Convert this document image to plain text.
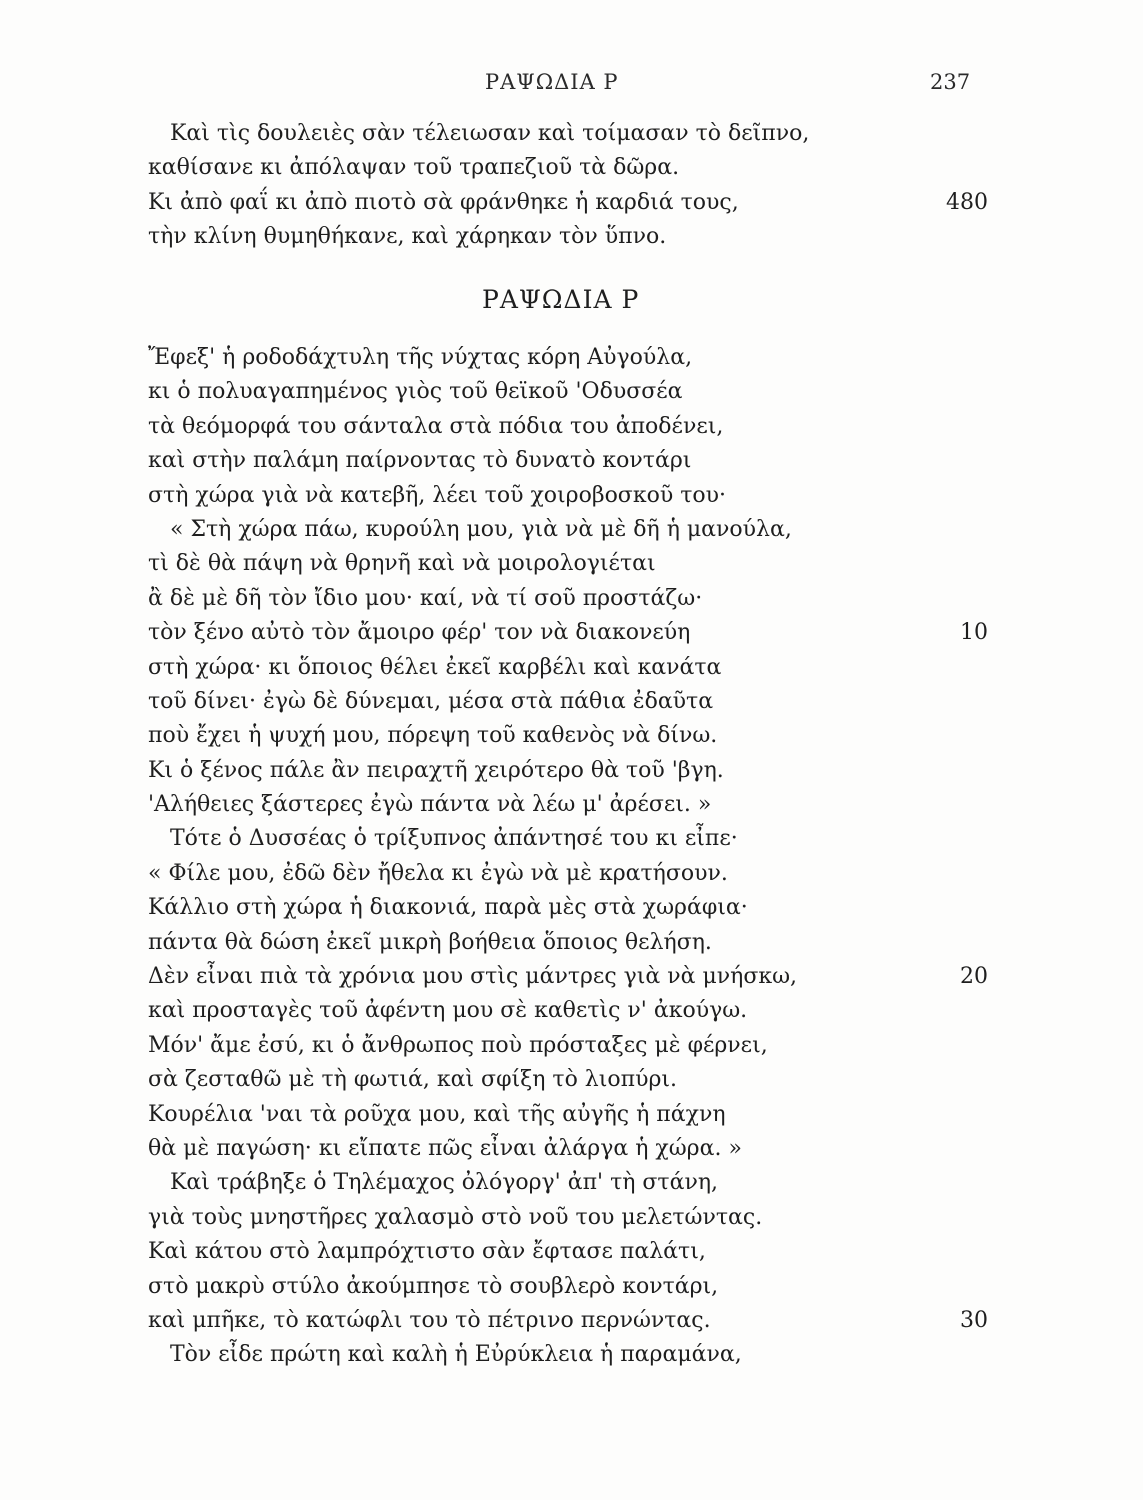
ΡΑΨΩΔΙΑ Ρ	237
Καὶ τὶς δουλειὲς σὰν τέλειωσαν καὶ τοίμασαν τὸ δεῖπνο,
καθίσανε κι ἀπόλαψαν τοῦ τραπεζιοῦ τὰ δῶρα.
Κι ἀπὸ φαΐ κι ἀπὸ πιοτὸ σὰ φράνθηκε ἡ καρδιά τους,	480
τὴν κλίνη θυμηθήκανε, καὶ χάρηκαν τὸν ὕπνο.
ΡΑΨΩΔΙΑ Ρ
Ἔφεξ' ἡ ροδοδάχτυλη τῆς νύχτας κόρη Αὐγούλα,
κι ὁ πολυαγαπημένος γιὸς τοῦ θεϊκοῦ 'Οδυσσέα
τὰ θεόμορφά του σάνταλα στὰ πόδια του ἀποδένει,
καὶ στὴν παλάμη παίρνοντας τὸ δυνατὸ κοντάρι
στὴ χώρα γιὰ νὰ κατεβῆ, λέει τοῦ χοιροβοσκοῦ του·
« Στὴ χώρα πάω, κυρούλη μου, γιὰ νὰ μὲ δῆ ἡ μανούλα,
τὶ δὲ θὰ πάψη νὰ θρηνῆ καὶ νὰ μοιρολογιέται
ἂ δὲ μὲ δῆ τὸν ἴδιο μου· καί, νὰ τί σοῦ προστάζω·
τὸν ξένο αὐτὸ τὸν ἄμοιρο φέρ' τον νὰ διακονεύη	10
στὴ χώρα· κι ὅποιος θέλει ἐκεῖ καρβέλι καὶ κανάτα
τοῦ δίνει· ἐγὼ δὲ δύνεμαι, μέσα στὰ πάθια ἐδαῦτα
ποὺ ἔχει ἡ ψυχή μου, πόρεψη τοῦ καθενὸς νὰ δίνω.
Κι ὁ ξένος πάλε ἂν πειραχτῆ χειρότερο θὰ τοῦ 'βγη.
'Αλήθειες ξάστερες ἐγὼ πάντα νὰ λέω μ' ἀρέσει. »
Τότε ὁ Δυσσέας ὁ τρίξυπνος ἀπάντησέ του κι εἶπε·
« Φίλε μου, ἐδῶ δὲν ἤθελα κι ἐγὼ νὰ μὲ κρατήσουν.
Κάλλιο στὴ χώρα ἡ διακονιά, παρὰ μὲς στὰ χωράφια·
πάντα θὰ δώση ἐκεῖ μικρὴ βοήθεια ὅποιος θελήση.
Δὲν εἶναι πιὰ τὰ χρόνια μου στὶς μάντρες γιὰ νὰ μνήσκω,	20
καὶ προσταγὲς τοῦ ἀφέντη μου σὲ καθετὶς ν' ἀκούγω.
Μόν' ἄμε ἐσύ, κι ὁ ἄνθρωπος ποὺ πρόσταξες μὲ φέρνει,
σὰ ζεσταθῶ μὲ τὴ φωτιά, καὶ σφίξη τὸ λιοπύρι.
Κουρέλια 'ναι τὰ ροῦχα μου, καὶ τῆς αὐγῆς ἡ πάχνη
θὰ μὲ παγώση· κι εἴπατε πῶς εἶναι ἀλάργα ἡ χώρα. »
Καὶ τράβηξε ὁ Τηλέμαχος ὀλόγοργ' ἀπ' τὴ στάνη,
γιὰ τοὺς μνηστῆρες χαλασμὸ στὸ νοῦ του μελετώντας.
Καὶ κάτου στὸ λαμπρόχτιστο σὰν ἔφτασε παλάτι,
στὸ μακρὺ στύλο ἀκούμπησε τὸ σουβλερὸ κοντάρι,
καὶ μπῆκε, τὸ κατώφλι του τὸ πέτρινο περνώντας.	30
Τὸν εἶδε πρώτη καὶ καλὴ ἡ Εὐρύκλεια ἡ παραμάνα,
